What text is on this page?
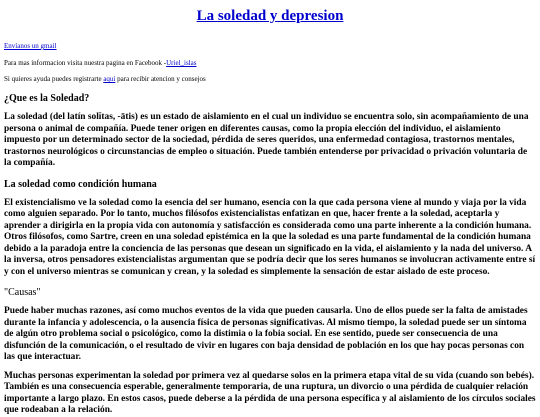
La soledad y depresion

Envíanos un gmail

Para mas informacion visita nuestra pagina en Facebook -Uriel_islas

Si quieres ayuda puedes registrarte aqui para recibir atencion y consejos

¿Que es la Soledad?

La soledad (del latín solĭtas, -ātis) es un estado de aislamiento en el cual un individuo se encuentra solo, sin acompañamiento de una persona o animal de compañía. Puede tener origen en diferentes causas, como la propia elección del individuo, el aislamiento impuesto por un determinado sector de la sociedad, pérdida de seres queridos, una enfermedad contagiosa, trastornos mentales, trastornos neurológicos o circunstancias de empleo o situación. Puede también entenderse por privacidad o privación voluntaria de la compañía.

La soledad como condición humana

El existencialismo ve la soledad como la esencia del ser humano, esencia con la que cada persona viene al mundo y viaja por la vida como alguien separado. Por lo tanto, muchos filósofos existencialistas enfatizan en que, hacer frente a la soledad, aceptarla y aprender a dirigirla en la propia vida con autonomía y satisfacción es considerada como una parte inherente a la condición humana. Otros filósofos, como Sartre, creen en una soledad epistémica en la que la soledad es una parte fundamental de la condición humana debido a la paradoja entre la conciencia de las personas que desean un significado en la vida, el aislamiento y la nada del universo. A la inversa, otros pensadores existencialistas argumentan que se podría decir que los seres humanos se involucran activamente entre sí y con el universo mientras se comunican y crean, y la soledad es simplemente la sensación de estar aislado de este proceso.

"Causas"

Puede haber muchas razones, así como muchos eventos de la vida que pueden causarla. Uno de ellos puede ser la falta de amistades durante la infancia y adolescencia, o la ausencia física de personas significativas. Al mismo tiempo, la soledad puede ser un síntoma de algún otro problema social o psicológico, como la distimia o la fobia social. En ese sentido, puede ser consecuencia de una disfunción de la comunicación, o el resultado de vivir en lugares con baja densidad de población en los que hay pocas personas con las que interactuar.

Muchas personas experimentan la soledad por primera vez al quedarse solos en la primera etapa vital de su vida (cuando son bebés). También es una consecuencia esperable, generalmente temporaria, de una ruptura, un divorcio o una pérdida de cualquier relación importante a largo plazo. En estos casos, puede deberse a la pérdida de una persona específica y al aislamiento de los círculos sociales que rodeaban a la relación.
